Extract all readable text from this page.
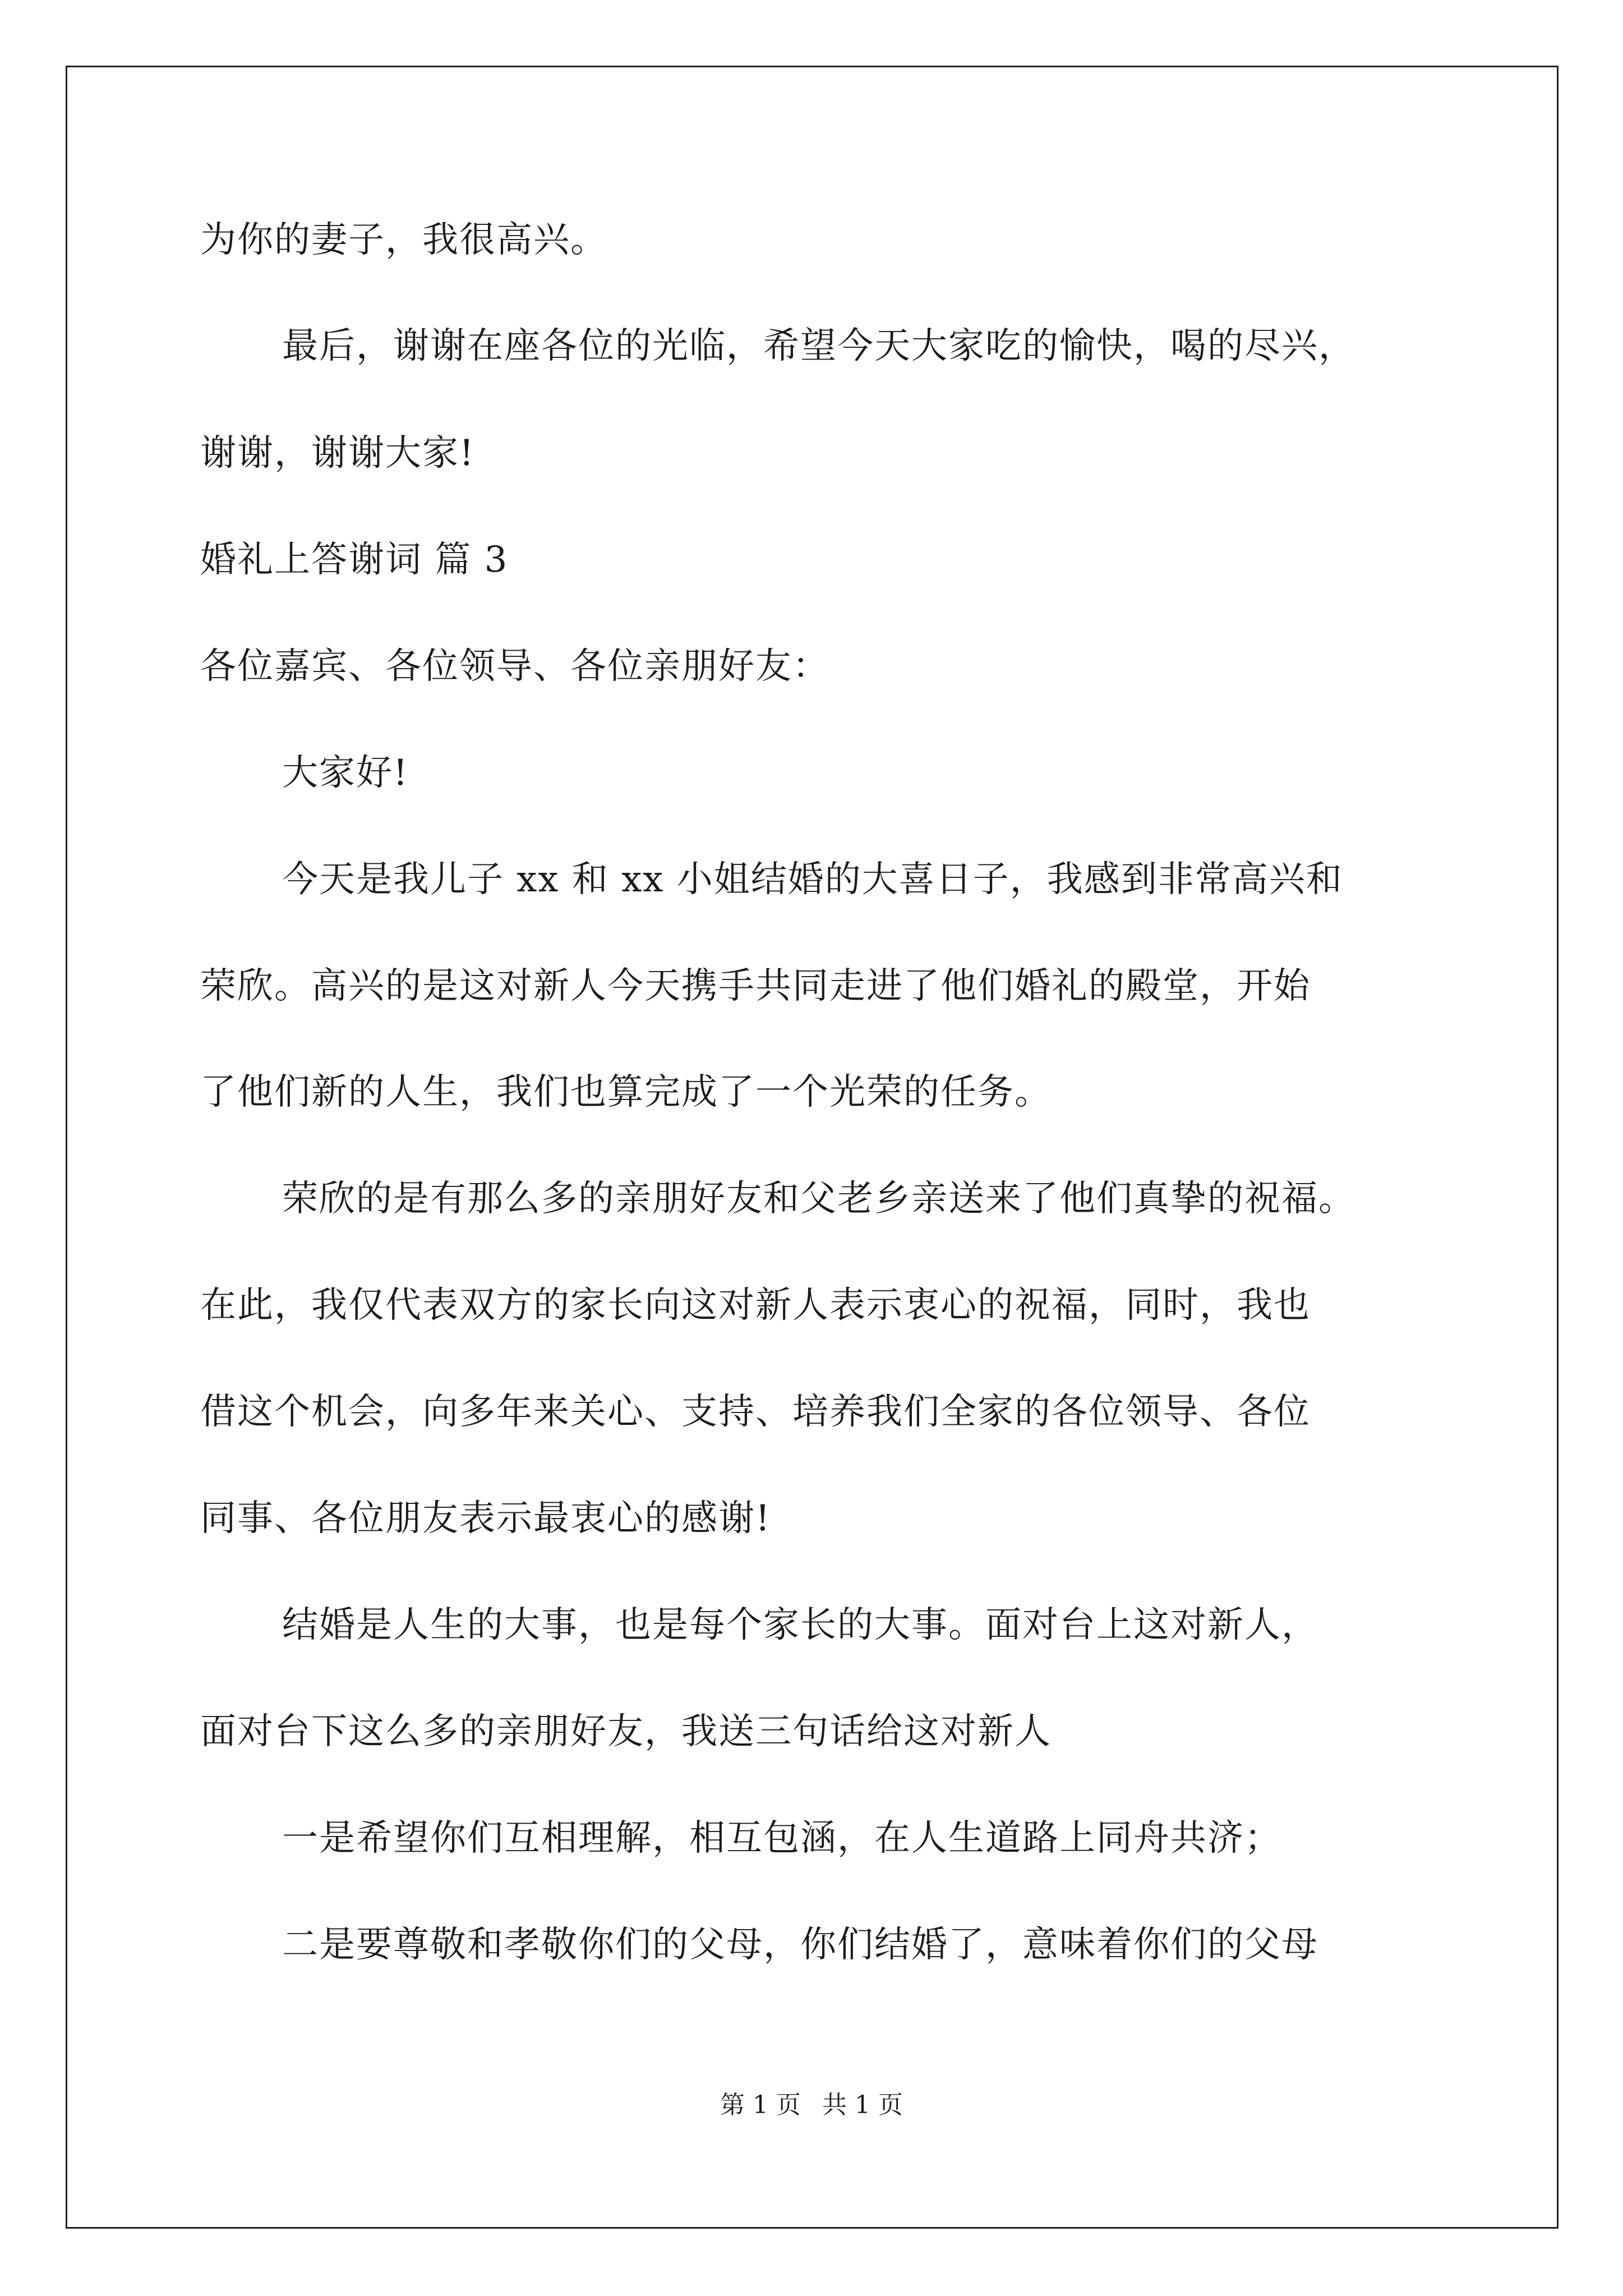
为你的妻子，我很高兴。
最后，谢谢在座各位的光临，希望今天大家吃的愉快，喝的尽兴，
谢谢，谢谢大家!
婚礼上答谢词 篇 3
各位嘉宾、各位领导、各位亲朋好友：
大家好!
今天是我儿子 xx 和 xx 小姐结婚的大喜日子，我感到非常高兴和
荣欣。高兴的是这对新人今天携手共同走进了他们婚礼的殿堂，开始
了他们新的人生，我们也算完成了一个光荣的任务。
荣欣的是有那么多的亲朋好友和父老乡亲送来了他们真挚的祝福。
在此，我仅代表双方的家长向这对新人表示衷心的祝福，同时，我也
借这个机会，向多年来关心、支持、培养我们全家的各位领导、各位
同事、各位朋友表示最衷心的感谢!
结婚是人生的大事，也是每个家长的大事。面对台上这对新人，
面对台下这么多的亲朋好友，我送三句话给这对新人
一是希望你们互相理解，相互包涵，在人生道路上同舟共济；
二是要尊敬和孝敬你们的父母，你们结婚了，意味着你们的父母
第 1 页 共 1 页
